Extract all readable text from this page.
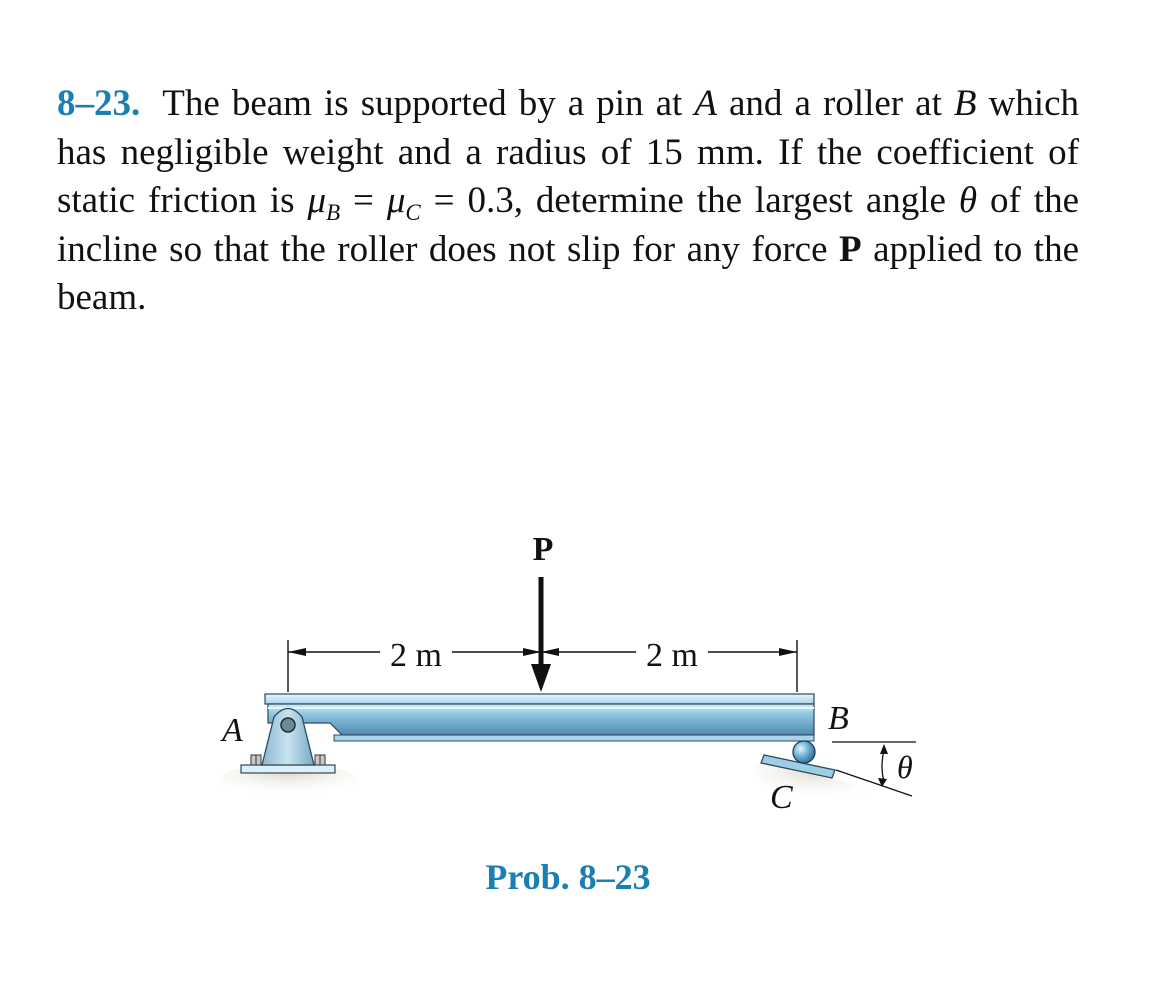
8–23. The beam is supported by a pin at A and a roller at B which has negligible weight and a radius of 15 mm. If the coefficient of static friction is $\mu_B = \mu_C = 0.3$, determine the largest angle θ of the incline so that the roller does not slip for any force P applied to the beam.
2 m	2 m
P
A	B
C
θ
Prob. 8–23
